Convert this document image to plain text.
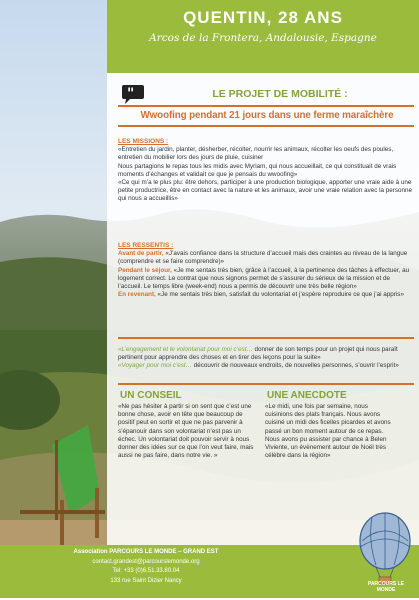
QUENTIN, 28 ANS
Arcos de la Frontera, Andalousie, Espagne
"	LE PROJET DE MOBILITÉ :
Wwoofing pendant 21 jours dans une ferme maraîchère
LES MISSIONS :

«Entretien du jardin, planter, désherber, récolter, nourrir les animaux, récolter les oeufs des poules, entretien du mobilier lors des jours de pluie, cuisiner

Nous partagions le repas tous les midis avec Myriam, qui nous accueillait, ce qui constituait de vrais moments d’échanges et validait ce que je pensais du wwoofing»

«Ce qui m’a le plus plu: être dehors, participer à une production biologique, apporter une vraie aide à une petite productrice, être en contact avec la nature et les animaux, avoir une vraie relation avec la personne qui nous a accueillis»

LES RESSENTIS :

Avant de partir, «J’avais confiance dans la structure d’accueil mais des craintes au niveau de la langue (comprendre et se faire comprendre)»

Pendant le séjour, «Je me sentais très bien, grâce à l’accueil, à la pertinence des tâches à effectuer, au logement correct. Le contrat que nous signons permet de s’assurer du sérieux de la mission et de l’accueil. Le temps libre (week-end) nous a permis de découvrir une très belle région»

En revenant, «Je me sentais très bien, satisfait du volontariat et j’espère reproduire ce que j’ai appris»

«L’engagement et le volontariat pour moi c’est… donner de son temps pour un projet qui nous paraît pertinent pour apprendre des choses et en tirer des leçons pour la suite»

«Voyager pour moi c’est… découvrir de nouveaux endroits, de nouvelles personnes, s’ouvrir l’esprit»

UN CONSEIL
«Ne pas hésiter à partir si on sent que c’est une bonne chose, avoir en tête que beaucoup de positif peut en sortir et que ne pas parvenir à s’épanouir dans son volontariat n’est pas un échec. Un volontariat doit pouvoir servir à nous donner des idées sur ce que l’on veut faire, mais aussi ne pas faire, dans notre vie. »
UNE ANECDOTE
«Le midi, une fois par semaine, nous cuisinions des plats français. Nous avons cuisiné un midi des ficelles picardes et avons passé un bon moment autour de ce repas. Nous avons pu assister par chance à Belen Viviente, un évènement autour de Noël très célèbre dans la région»
Association PARCOURS LE MONDE – GRAND EST
contact.grandest@parcourslemonde.org
Tel: +33 (0)6.51.33.80.04
133 rue Saint Dizier Nancy
PARCOURS LE MONDE
